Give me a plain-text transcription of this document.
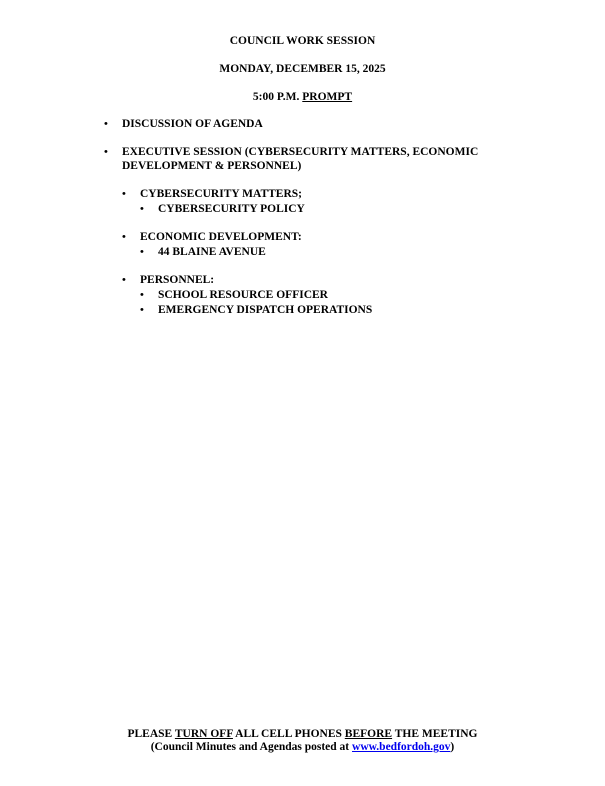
COUNCIL WORK SESSION
MONDAY, DECEMBER 15, 2025
5:00 P.M. PROMPT
• DISCUSSION OF AGENDA
• EXECUTIVE SESSION (CYBERSECURITY MATTERS, ECONOMIC DEVELOPMENT & PERSONNEL)
• CYBERSECURITY MATTERS;
• CYBERSECURITY POLICY
• ECONOMIC DEVELOPMENT:
• 44 BLAINE AVENUE
• PERSONNEL:
• SCHOOL RESOURCE OFFICER
• EMERGENCY DISPATCH OPERATIONS
PLEASE TURN OFF ALL CELL PHONES BEFORE THE MEETING
(Council Minutes and Agendas posted at www.bedfordoh.gov)
